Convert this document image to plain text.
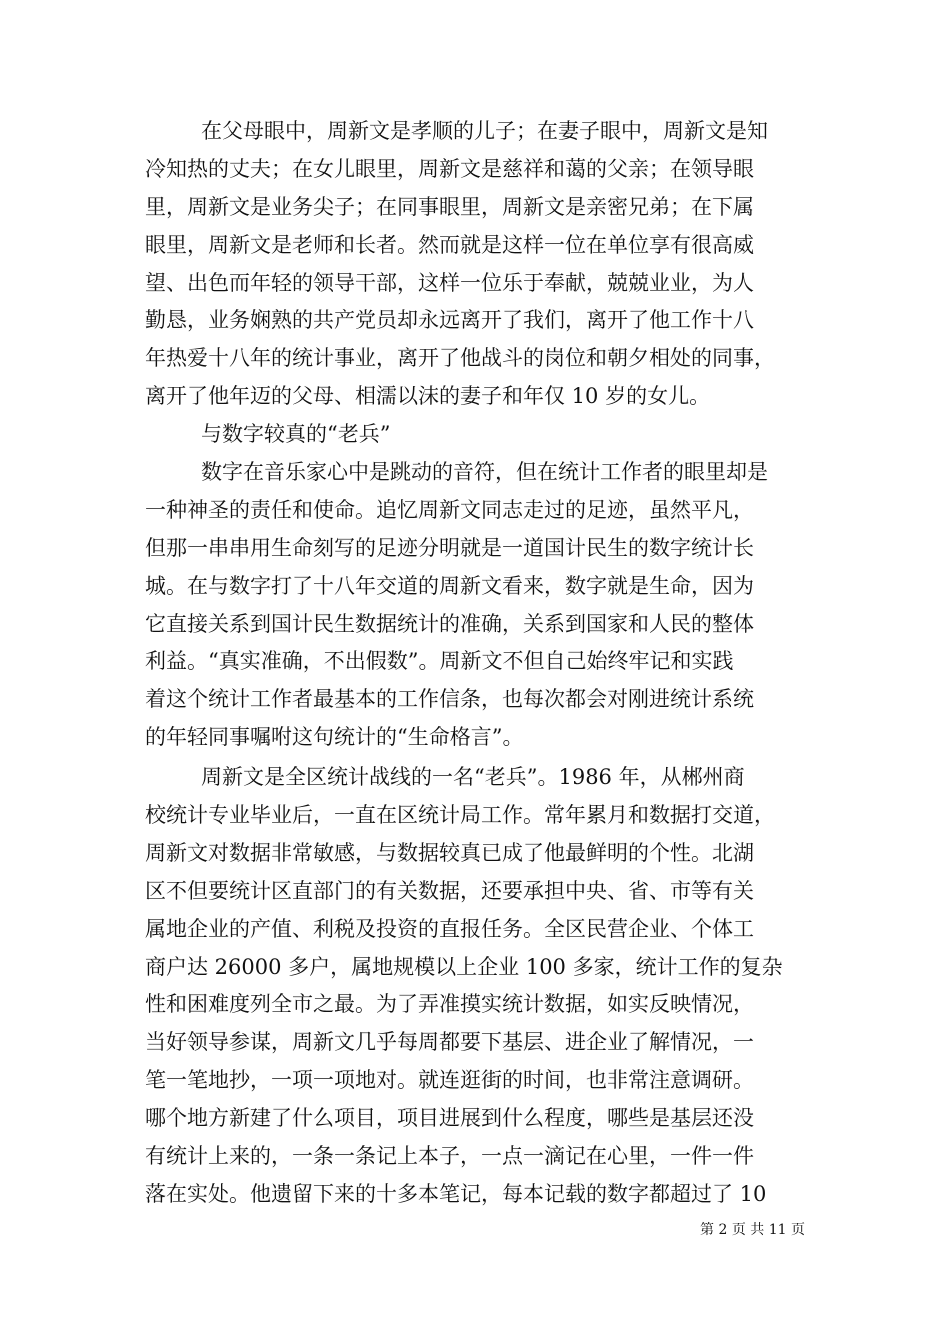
在父母眼中，周新文是孝顺的儿子；在妻子眼中，周新文是知
冷知热的丈夫；在女儿眼里，周新文是慈祥和蔼的父亲；在领导眼
里，周新文是业务尖子；在同事眼里，周新文是亲密兄弟；在下属
眼里，周新文是老师和长者。然而就是这样一位在单位享有很高威
望、出色而年轻的领导干部，这样一位乐于奉献，兢兢业业，为人
勤恳，业务娴熟的共产党员却永远离开了我们，离开了他工作十八
年热爱十八年的统计事业，离开了他战斗的岗位和朝夕相处的同事，
离开了他年迈的父母、相濡以沫的妻子和年仅 10 岁的女儿。
与数字较真的“老兵”
数字在音乐家心中是跳动的音符，但在统计工作者的眼里却是
一种神圣的责任和使命。追忆周新文同志走过的足迹，虽然平凡，
但那一串串用生命刻写的足迹分明就是一道国计民生的数字统计长
城。在与数字打了十八年交道的周新文看来，数字就是生命，因为
它直接关系到国计民生数据统计的准确，关系到国家和人民的整体
利益。“真实准确，不出假数”。周新文不但自己始终牢记和实践
着这个统计工作者最基本的工作信条，也每次都会对刚进统计系统
的年轻同事嘱咐这句统计的“生命格言”。
周新文是全区统计战线的一名“老兵”。1986 年，从郴州商
校统计专业毕业后，一直在区统计局工作。常年累月和数据打交道，
周新文对数据非常敏感，与数据较真已成了他最鲜明的个性。北湖
区不但要统计区直部门的有关数据，还要承担中央、省、市等有关
属地企业的产值、利税及投资的直报任务。全区民营企业、个体工
商户达 26000 多户，属地规模以上企业 100 多家，统计工作的复杂
性和困难度列全市之最。为了弄准摸实统计数据，如实反映情况，
当好领导参谋，周新文几乎每周都要下基层、进企业了解情况，一
笔一笔地抄，一项一项地对。就连逛街的时间，也非常注意调研。
哪个地方新建了什么项目，项目进展到什么程度，哪些是基层还没
有统计上来的，一条一条记上本子，一点一滴记在心里，一件一件
落在实处。他遗留下来的十多本笔记，每本记载的数字都超过了 10
第 2 页 共 11 页
